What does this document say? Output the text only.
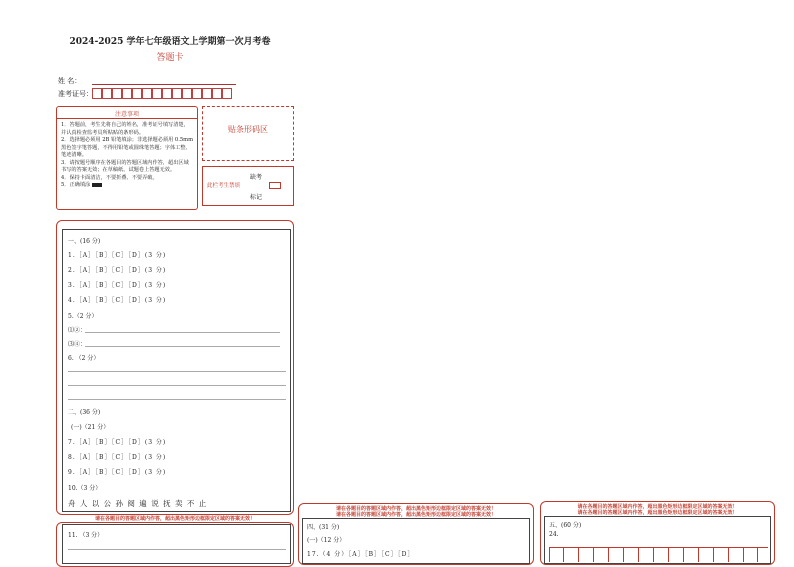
2024-2025 学年七年级语文上学期第一次月考卷
答题卡
姓 名：
准考证号：
注意事项
1．答题前，考生先将自己的姓名，准考证号填写清楚，并认真检查监考员所粘贴的条形码。
2．选择题必须用 2B 铅笔填涂；非选择题必须用 0.5mm 黑色签字笔答题，不得用铅笔或圆珠笔答题；字体工整、笔迹清晰。
3．请按题号顺序在各题目的答题区域内作答，超出区域书写的答案无效；在草稿纸、试题卷上答题无效。
4．保持卡面清洁，不要折叠、不要弄破。
5．正确填涂
贴条形码区
缺考
此栏考生禁填
标记
一、(16 分)
1.［A］［B］［C］［D］(3 分)
2.［A］［B］［C］［D］(3 分)
3.［A］［B］［C］［D］(3 分)
4.［A］［B］［C］［D］(3 分)
5.（2 分）
⑴②：
⑶④：
6. （2 分）
二、(36 分)
(一)（21 分）
7.［A］［B］［C］［D］(3 分)
8.［A］［B］［C］［D］(3 分)
9.［A］［B］［C］［D］(3 分)
10.（3 分）
舟 人 以 公 孙 阅 遍 说 抚 卖 不 止
请在各题目的答题区域内作答，超出黑色矩形边框限定区域的答案无效！
11. （3 分）
请在各题目的答题区域内作答，超出黑色矩形边框限定区域的答案无效！
请在各题目的答题区域内作答，超出黑色矩形边框限定区域的答案无效！
四、(31 分)
(一)（12 分）
17.（4 分）［A］［B］［C］［D］
请在各题目的答题区域内作答，超出黑色矩形边框限定区域的答案无效！
请在各题目的答题区域内作答，超出黑色矩形边框限定区域的答案无效！
五、(60 分)
24.
